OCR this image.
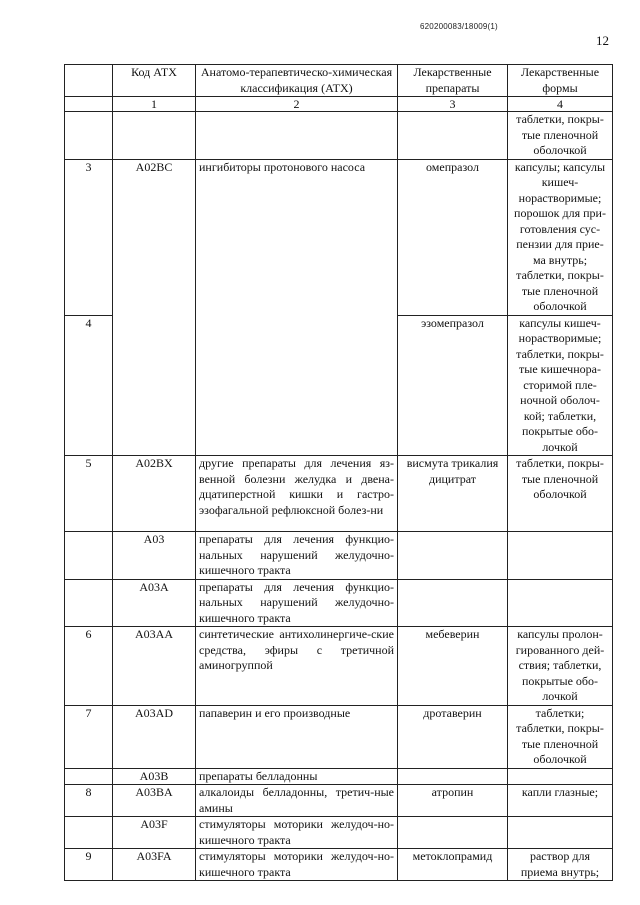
620200083/18009(1)
12
	Код АТХ	Анатомо-терапевтическо-химическая классификация (АТХ)	Лекарственные препараты	Лекарственные формы
	1	2	3	4
				таблетки, покры-тые пленочной оболочкой
3	A02BC	ингибиторы протонового насоса	омепразол	капсулы; капсулы кишеч-норастворимые; порошок для при-готовления сус-пензии для прие-ма внутрь; таблетки, покры-тые пленочной оболочкой
4			эзомепразол	капсулы кишеч-норастворимые; таблетки, покры-тые кишечнора-сторимой пле-ночной оболоч-кой; таблетки, покрытые обо-лочкой
5	A02BX	другие препараты для лечения яз-венной болезни желудка и двена-дцатиперстной кишки и гастро-эзофагальной рефлюксной болез-ни	висмута трикалия дицитрат	таблетки, покры-тые пленочной оболочкой
	A03	препараты для лечения функцио-нальных нарушений желудочно-кишечного тракта		
	A03A	препараты для лечения функцио-нальных нарушений желудочно-кишечного тракта		
6	A03AA	синтетические антихолинергиче-ские средства, эфиры с третичной аминогруппой	мебеверин	капсулы пролон-гированного дей-ствия; таблетки, покрытые обо-лочкой
7	A03AD	папаверин и его производные	дротаверин	таблетки; таблетки, покры-тые пленочной оболочкой
	A03B	препараты белладонны		
8	A03BA	алкалоиды белладонны, третич-ные амины	атропин	капли глазные;
	A03F	стимуляторы моторики желудоч-но-кишечного тракта		
9	A03FA	стимуляторы моторики желудоч-но-кишечного тракта	метоклопрамид	раствор для приема внутрь;
